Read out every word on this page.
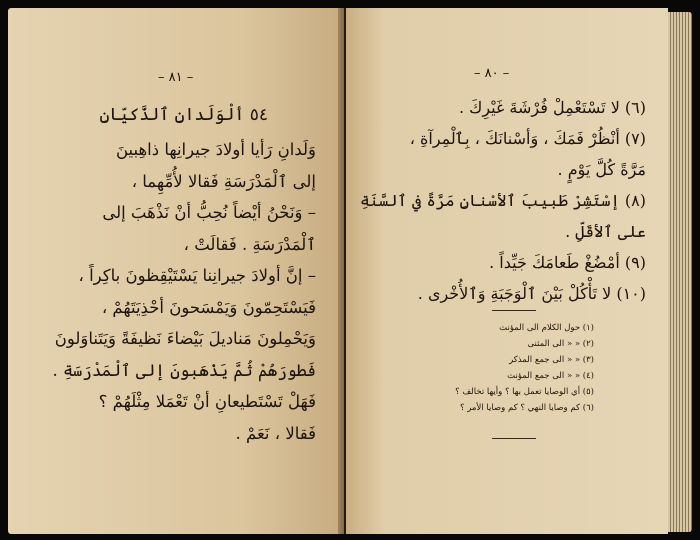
– ٨١ –
٥٤ ألْوَلَدانِ ٱلذَّكيّانِ
وَلَدانِ رَأيا أولادَ جيرانِها ذاهِبينَ
إلى ٱلْمَدْرَسَةِ فَقالا لأُمِّهِما ،
– وَنَحْنُ أيْضاً نُحِبُّ أنْ نَذْهَبَ إلى
ٱلْمَدْرَسَةِ . فَقالَتْ ،
– إنَّ أولادَ جيرانِنا يَسْتَيْقِظونَ باكِراً ،
فَيَسْتَحِمّونَ وَيَمْسَحونَ أحْذِيَتَهُمْ ،
وَيَحْمِلونَ مَناديلَ بَيْضاءَ نَظيفَةً وَيَتَناوَلونَ
فَطورَهُمْ ثُمَّ يَذْهَبونَ إلى ٱلْمَدْرَسَةِ .
فَهَلْ تَسْتَطيعانِ أنْ تَعْمَلا مِثْلَهُمْ ؟
فَقالا ، نَعَمْ .
– ٨٠ –
(٦) لا تَسْتَعْمِلْ فُرْشَةَ غَيْرِكَ .
(٧) أنْظُرْ فَمَكَ ، وَأسْنانَكَ ، بِٱلْمِرآةِ ،
مَرَّةً كُلَّ يَوْمٍ .
(٨) إسْتَشِرْ طَبيبَ ٱلأسْنانِ مَرَّةً في ٱلسَّنَةِ
على ٱلأقَلِّ .
(٩) أمْضُغْ طَعامَكَ جَيِّداً .
(١٠) لا تَأْكُلْ بَيْنَ ٱلْوَجَبَةِ وَٱلأُخْرى .
(١) حول الكلام الى المؤنث
(٢) « « الى المثنى
(٣) « « الى جمع المذكر
(٤) « « الى جمع المؤنث
(٥) أي الوصايا تعمل بها ؟ وأيها تخالف ؟
(٦) كم وصايا النهي ؟ كم وصايا الأمر ؟
